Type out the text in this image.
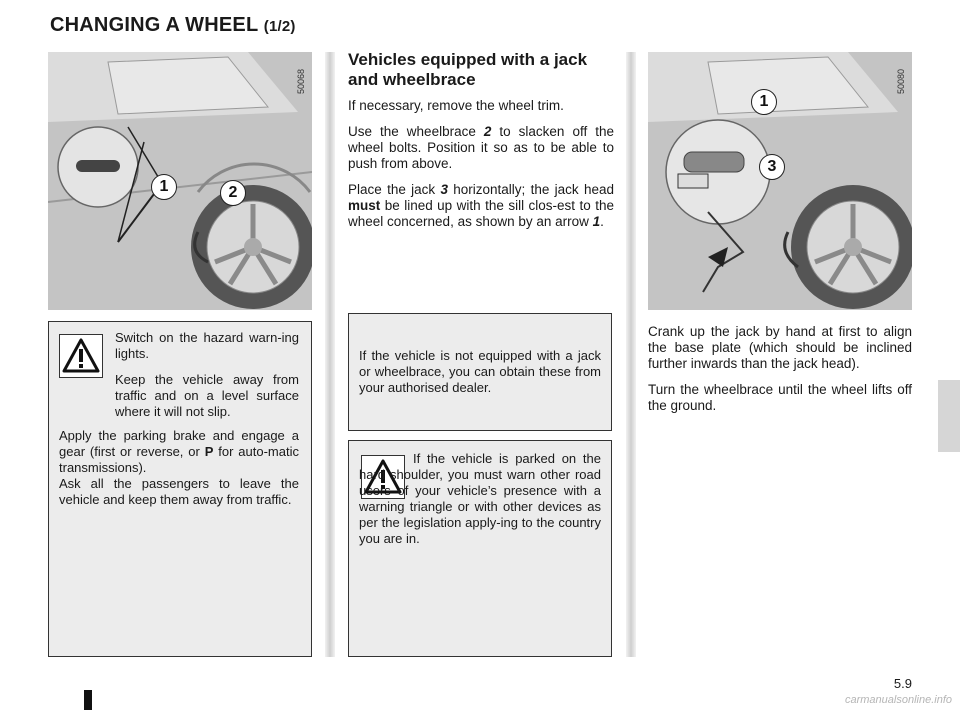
CHANGING A WHEEL (1/2)
1	2
50068
1
3
50080

Switch on the hazard warn-ing lights.

Keep the vehicle away from traffic and on a level surface where it will not slip.

Apply the parking brake and engage a gear (first or reverse, or P for auto-matic transmissions).

Ask all the passengers to leave the vehicle and keep them away from traffic.

Vehicles equipped with a jack and wheelbrace

If necessary, remove the wheel trim.

Use the wheelbrace 2 to slacken off the wheel bolts. Position it so as to be able to push from above.

Place the jack 3 horizontally; the jack head must be lined up with the sill clos-est to the wheel concerned, as shown by an arrow 1.

If the vehicle is not equipped with a jack or wheelbrace, you can obtain these from your authorised dealer.

If the vehicle is parked on the hard shoulder, you must warn other road users of your vehicle’s presence with a warning triangle or with other devices as per the legislation apply-ing to the country you are in.

Crank up the jack by hand at first to align the base plate (which should be inclined further inwards than the jack head).

Turn the wheelbrace until the wheel lifts off the ground.

5.9
carmanualsonline.info
